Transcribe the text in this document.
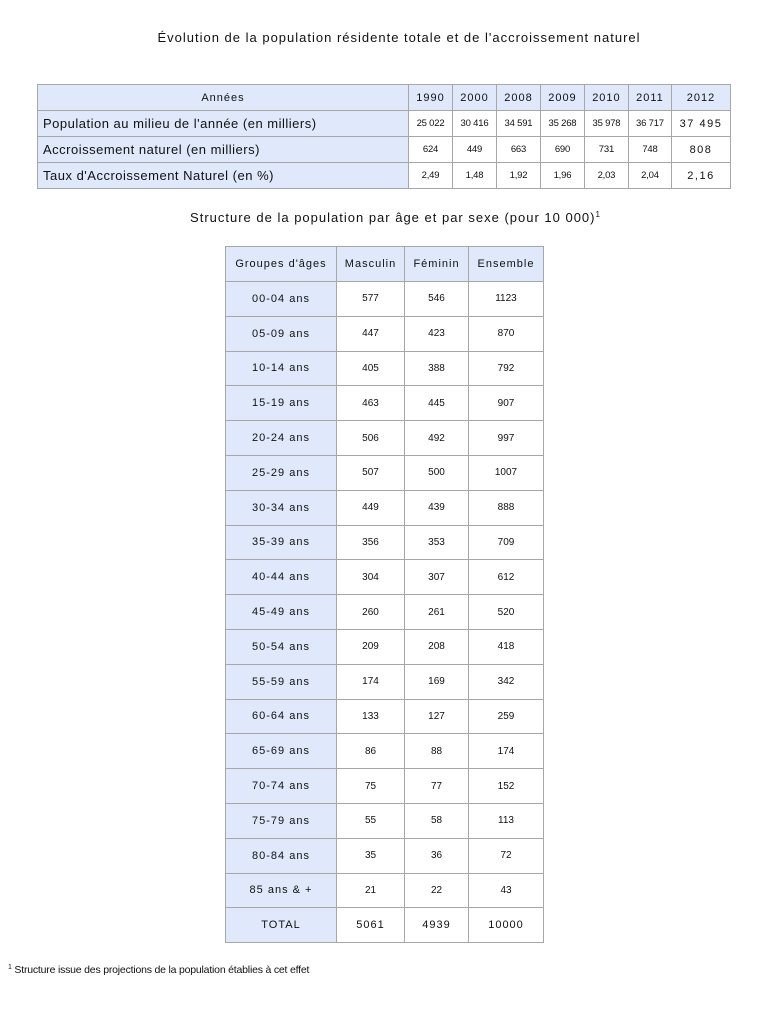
Évolution de la population résidente totale et de l'accroissement naturel
Années	1990	2000	2008	2009	2010	2011	2012
Population au milieu de l'année (en milliers)	25 022	30 416	34 591	35 268	35 978	36 717	37 495
Accroissement naturel (en milliers)	624	449	663	690	731	748	808
Taux d'Accroissement Naturel (en %)	2,49	1,48	1,92	1,96	2,03	2,04	2,16
Structure de la population par âge et par sexe (pour 10 000)$^1$
Groupes d'âges	Masculin	Féminin	Ensemble
00-04 ans	577	546	1123
05-09 ans	447	423	870
10-14 ans	405	388	792
15-19 ans	463	445	907
20-24 ans	506	492	997
25-29 ans	507	500	1007
30-34 ans	449	439	888
35-39 ans	356	353	709
40-44 ans	304	307	612
45-49 ans	260	261	520
50-54 ans	209	208	418
55-59 ans	174	169	342
60-64 ans	133	127	259
65-69 ans	86	88	174
70-74 ans	75	77	152
75-79 ans	55	58	113
80-84 ans	35	36	72
85 ans & +	21	22	43
TOTAL	5061	4939	10000
$^1$ Structure issue des projections de la population établies à cet effet
